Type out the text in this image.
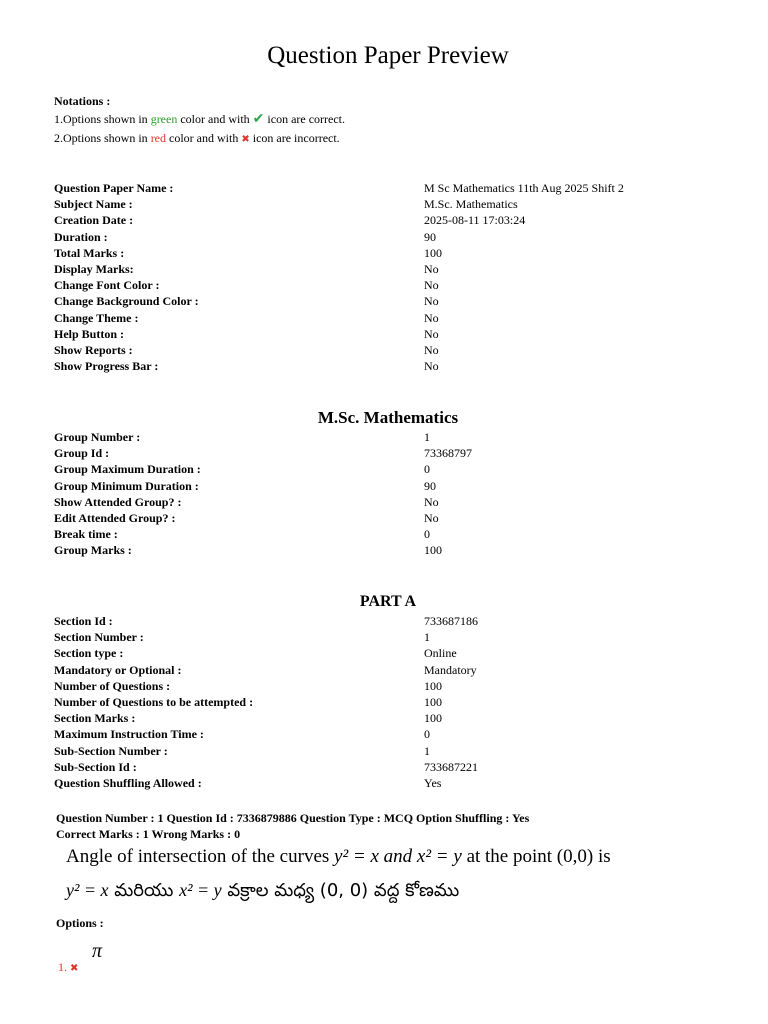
Question Paper Preview
Notations :
1.Options shown in green color and with ✔ icon are correct.
2.Options shown in red color and with ✖ icon are incorrect.
Question Paper Name :	M Sc Mathematics 11th Aug 2025 Shift 2
Subject Name :	M.Sc. Mathematics
Creation Date :	2025-08-11 17:03:24
Duration :	90
Total Marks :	100
Display Marks:	No
Change Font Color :	No
Change Background Color :	No
Change Theme :	No
Help Button :	No
Show Reports :	No
Show Progress Bar :	No
M.Sc. Mathematics
Group Number :	1
Group Id :	73368797
Group Maximum Duration :	0
Group Minimum Duration :	90
Show Attended Group? :	No
Edit Attended Group? :	No
Break time :	0
Group Marks :	100
PART A
Section Id :	733687186
Section Number :	1
Section type :	Online
Mandatory or Optional :	Mandatory
Number of Questions :	100
Number of Questions to be attempted :	100
Section Marks :	100
Maximum Instruction Time :	0
Sub-Section Number :	1
Sub-Section Id :	733687221
Question Shuffling Allowed :	Yes
Question Number : 1 Question Id : 7336879886 Question Type : MCQ Option Shuffling : Yes
Correct Marks : 1 Wrong Marks : 0
Angle of intersection of the curves y² = x and x² = y at the point (0,0) is
y² = x మరియు x² = y వక్రాల మధ్య (0, 0) వద్ద కోణము
Options :
1. ✖
π
